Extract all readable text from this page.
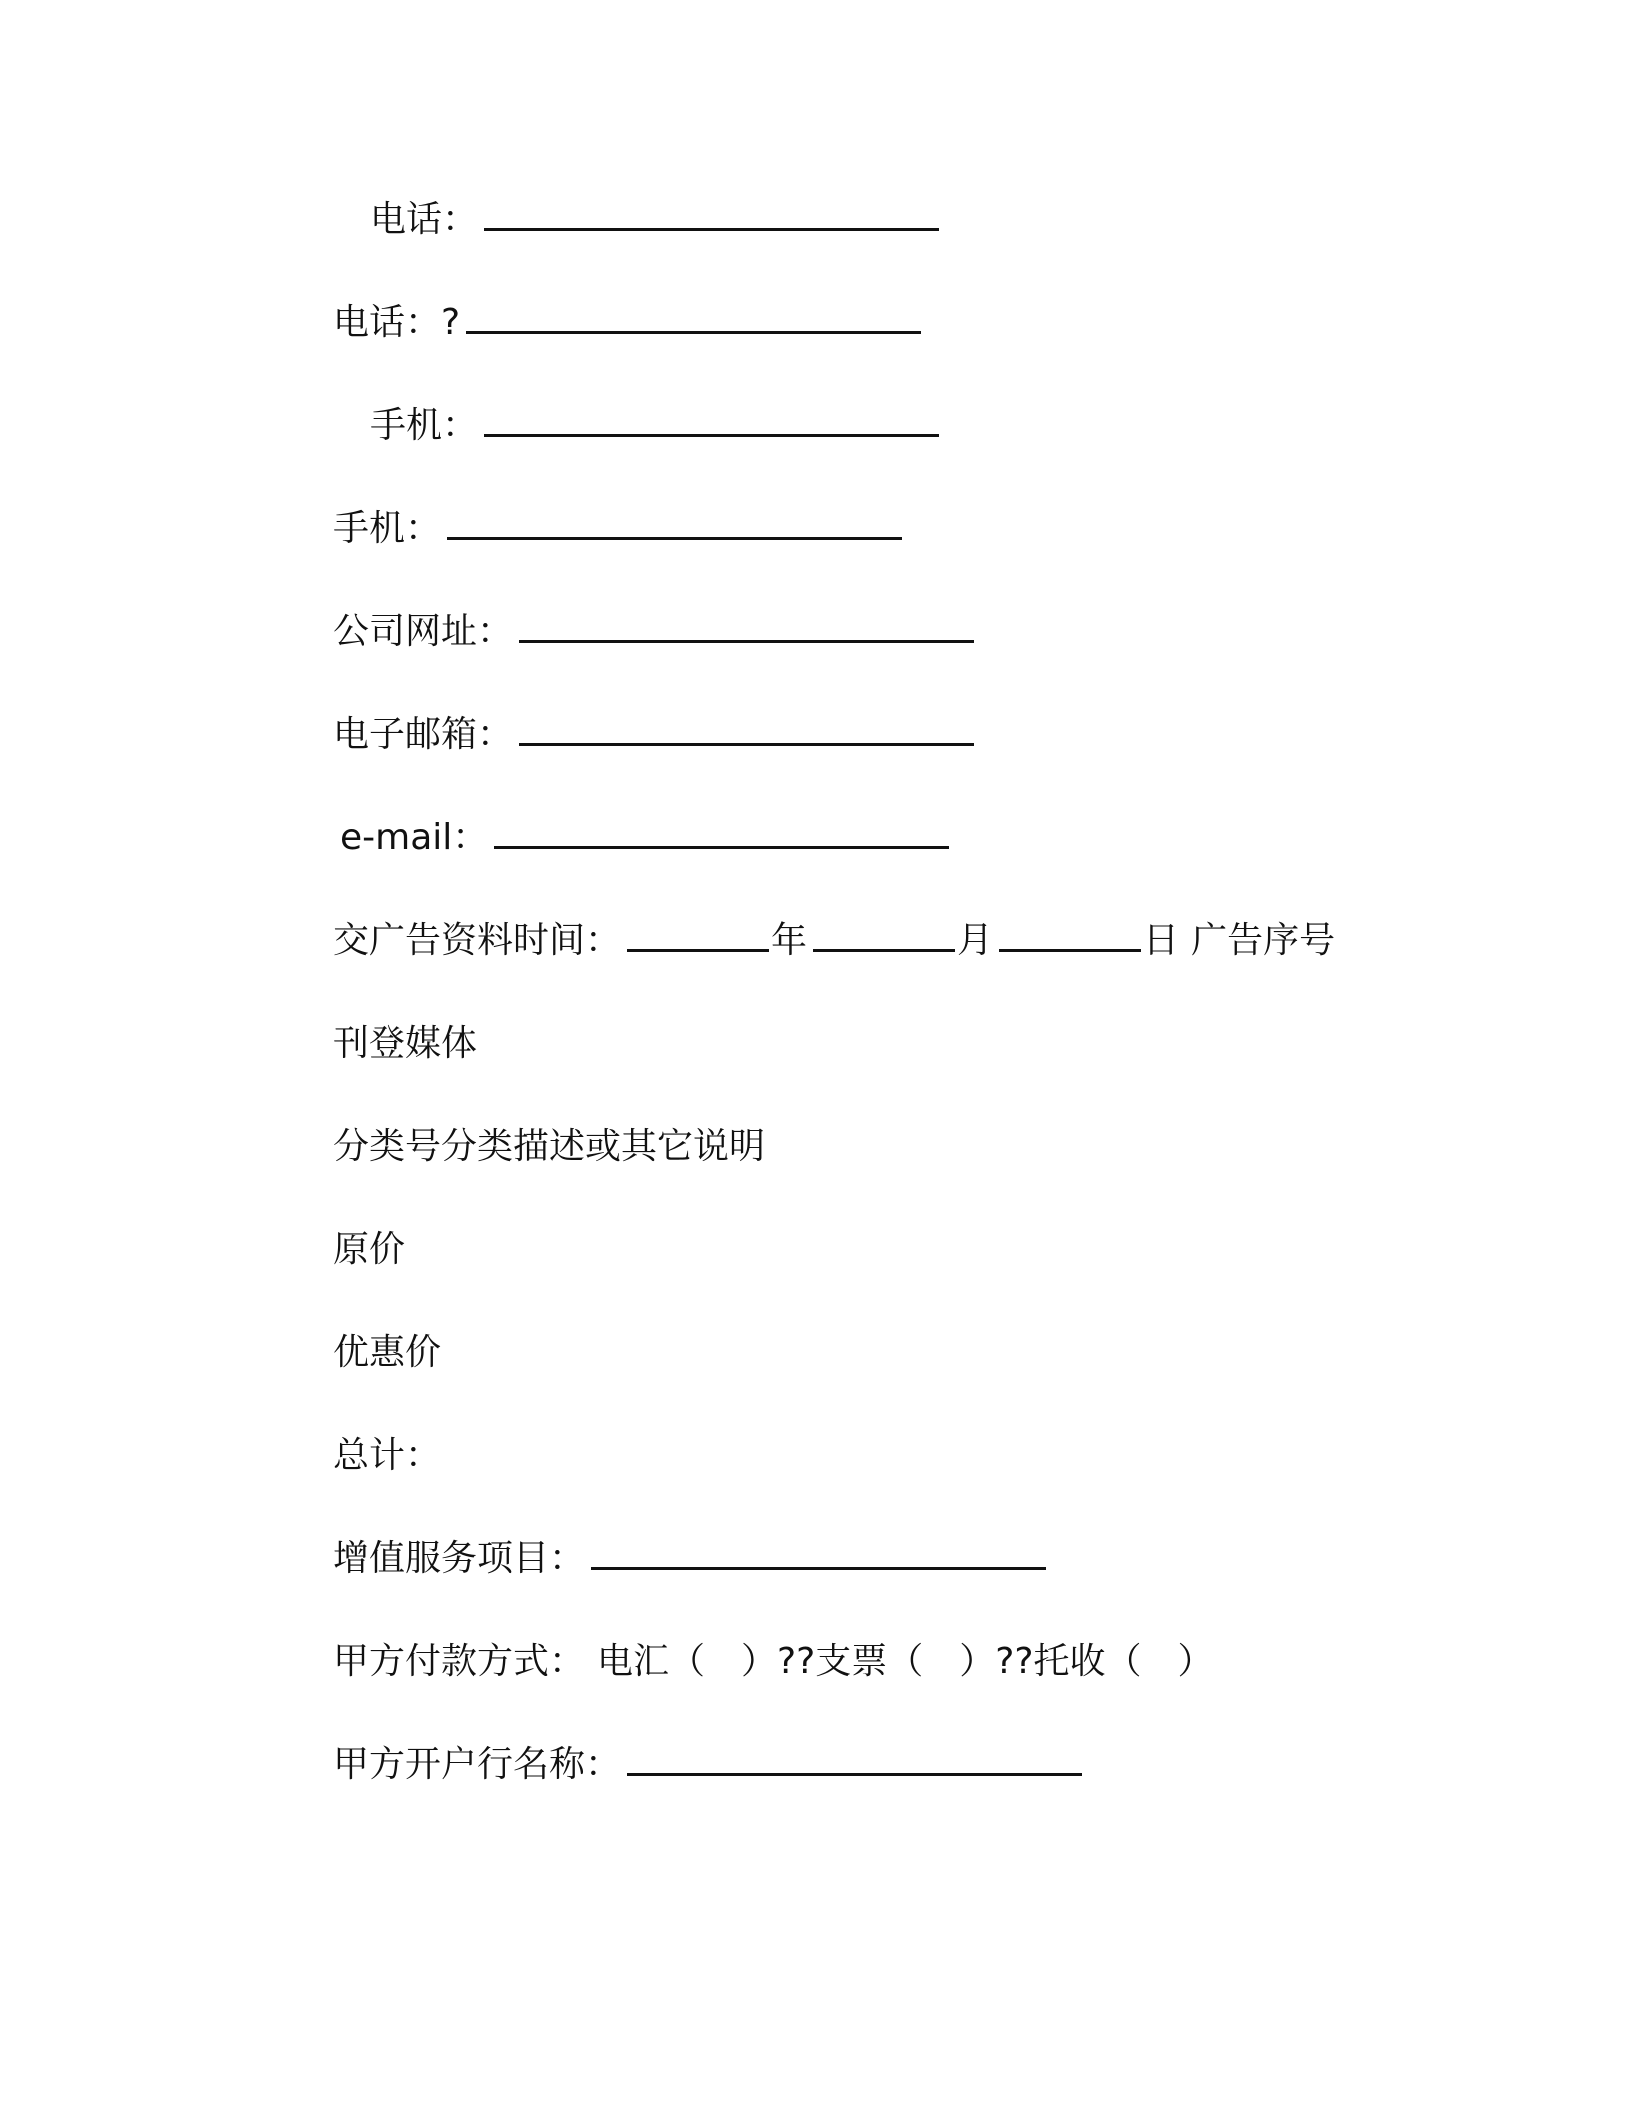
电话：
电话：?
手机：
手机：
公司网址：
电子邮箱：
e-mail：
交广告资料时间：	年	月	日 广告序号
刊登媒体
分类号分类描述或其它说明
原价
优惠价
总计：
增值服务项目：
甲方付款方式： 电汇（　）??支票（　）??托收（　）
甲方开户行名称：
